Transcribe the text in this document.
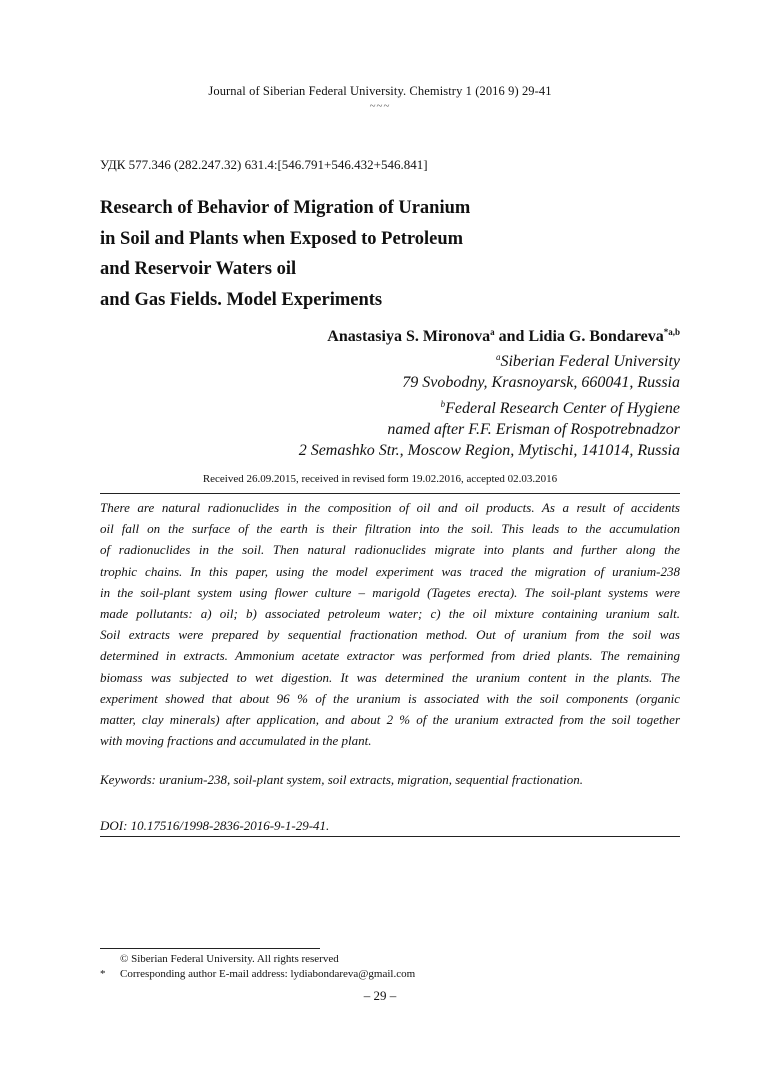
Journal of Siberian Federal University. Chemistry 1 (2016 9) 29-41
~~~
УДК 577.346 (282.247.32) 631.4:[546.791+546.432+546.841]
Research of Behavior of Migration of Uranium
in Soil and Plants when Exposed to Petroleum
and Reservoir Waters oil
and Gas Fields. Model Experiments
Anastasiya S. Mironova$^a$ and Lidia G. Bondareva$^{*a,b}$
$^a$Siberian Federal University
79 Svobodny, Krasnoyarsk, 660041, Russia
$^b$Federal Research Center of Hygiene
named after F.F. Erisman of Rospotrebnadzor
2 Semashko Str., Moscow Region, Mytischi, 141014, Russia
Received 26.09.2015, received in revised form 19.02.2016, accepted 02.03.2016
There are natural radionuclides in the composition of oil and oil products. As a result of accidents
oil fall on the surface of the earth is their filtration into the soil. This leads to the accumulation
of radionuclides in the soil. Then natural radionuclides migrate into plants and further along the
trophic chains. In this paper, using the model experiment was traced the migration of uranium-238
in the soil-plant system using flower culture – marigold (Tagetes erecta). The soil-plant systems were
made pollutants: a) oil; b) associated petroleum water; c) the oil mixture containing uranium salt.
Soil extracts were prepared by sequential fractionation method. Out of uranium from the soil was
determined in extracts. Ammonium acetate extractor was performed from dried plants. The remaining
biomass was subjected to wet digestion. It was determined the uranium content in the plants. The
experiment showed that about 96 % of the uranium is associated with the soil components (organic
matter, clay minerals) after application, and about 2 % of the uranium extracted from the soil together
with moving fractions and accumulated in the plant.
Keywords: uranium-238, soil-plant system, soil extracts, migration, sequential fractionation.
DOI: 10.17516/1998-2836-2016-9-1-29-41.
© Siberian Federal University. All rights reserved
* Corresponding author E-mail address: lydiabondareva@gmail.com
– 29 –
